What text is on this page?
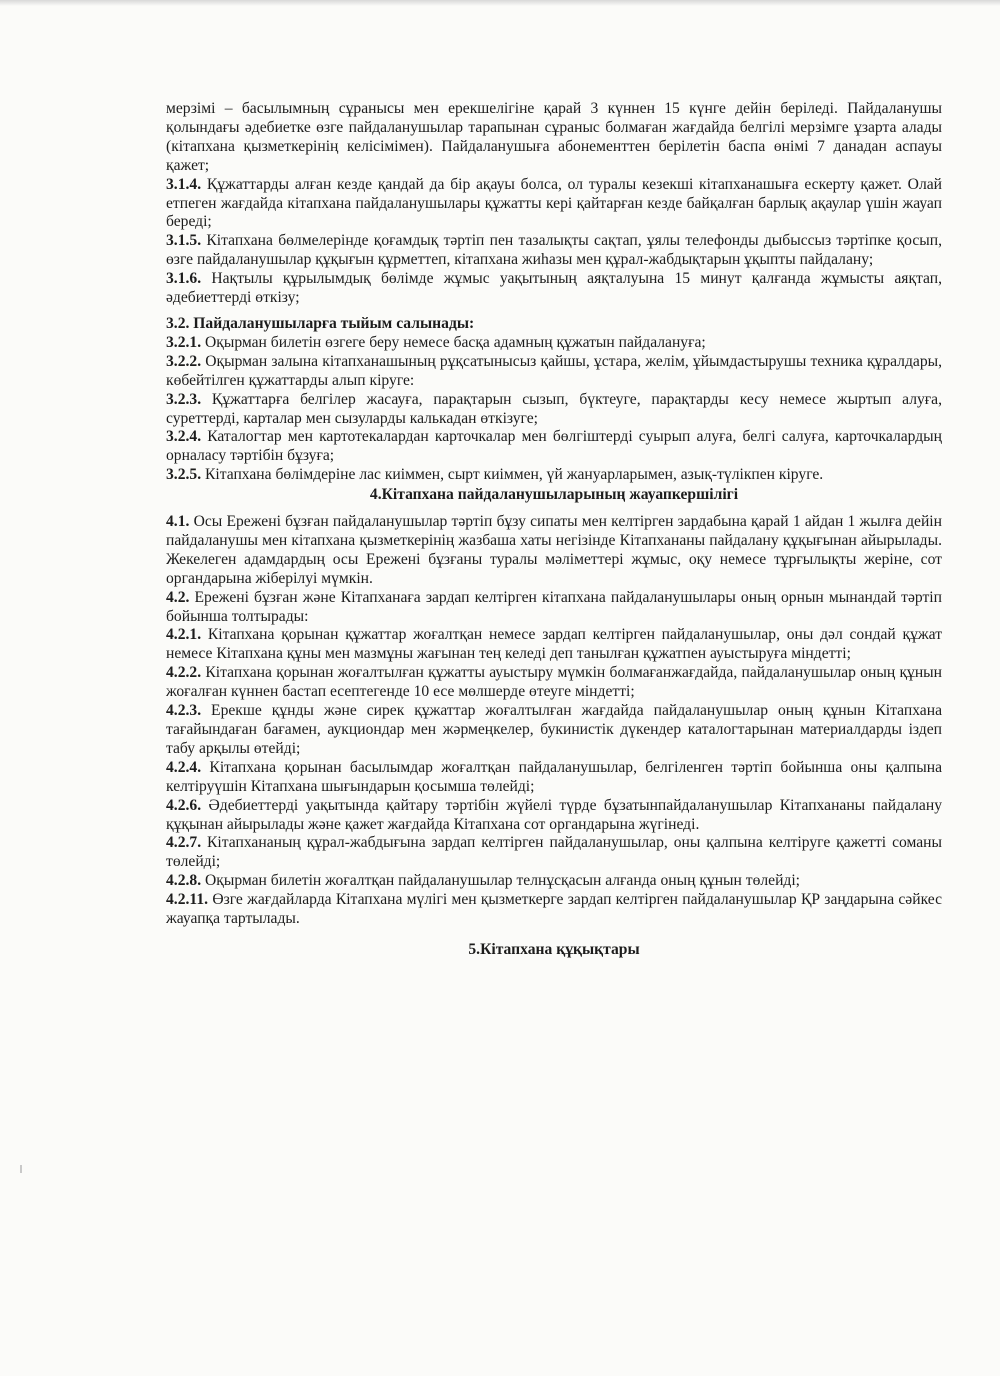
мерзімі – басылымның сұранысы мен ерекшелігіне қарай 3 күннен 15 күнге дейін беріледі. Пайдаланушы қолындағы әдебиетке өзге пайдаланушылар тарапынан сұраныс болмаған жағдайда белгілі мерзімге ұзарта алады (кітапхана қызметкерінің келісімімен). Пайдаланушыға абонементтен берілетін баспа өнімі 7 данадан аспауы қажет;

3.1.4. Құжаттарды алған кезде қандай да бір ақауы болса, ол туралы кезекші кітапханашыға ескерту қажет. Олай етпеген жағдайда кітапхана пайдаланушылары құжатты кері қайтарған кезде байқалған барлық ақаулар үшін жауап береді;

3.1.5. Кітапхана бөлмелерінде қоғамдық тәртіп пен тазалықты сақтап, ұялы телефонды дыбыссыз тәртіпке қосып, өзге пайдаланушылар құқығын құрметтеп, кітапхана жиһазы мен құрал-жабдықтарын ұқыпты пайдалану;

3.1.6. Нақтылы құрылымдық бөлімде жұмыс уақытының аяқталуына 15 минут қалғанда жұмысты аяқтап, әдебиеттерді өткізу;

3.2. Пайдаланушыларға тыйым салынады:

3.2.1. Оқырман билетін өзгеге беру немесе басқа адамның құжатын пайдалануға;

3.2.2. Оқырман залына кітапханашының рұқсатынысыз қайшы, ұстара, желім, ұйымдастырушы техника құралдары, көбейтілген құжаттарды алып кіруге:

3.2.3. Құжаттарға белгілер жасауға, парақтарын сызып, бүктеуге, парақтарды кесу немесе жыртып алуға, суреттерді, карталар мен сызуларды калькадан өткізуге;

3.2.4. Каталогтар мен картотекалардан карточкалар мен бөлгіштерді суырып алуға, белгі салуға, карточкалардың орналасу тәртібін бұзуға;

3.2.5. Кітапхана бөлімдеріне лас киіммен, сырт киіммен, үй жануарларымен, азық-түлікпен кіруге.

4.Кітапхана пайдаланушыларының жауапкершілігі

4.1. Осы Ережені бұзған пайдаланушылар тәртіп бұзу сипаты мен келтірген зардабына қарай 1 айдан 1 жылға дейін пайдаланушы мен кітапхана қызметкерінің жазбаша хаты негізінде Кітапхананы пайдалану құқығынан айырылады. Жекелеген адамдардың осы Ережені бұзғаны туралы мәліметтері жұмыс, оқу немесе тұрғылықты жеріне, сот органдарына жіберілуі мүмкін.

4.2. Ережені бұзған және Кітапханаға зардап келтірген кітапхана пайдаланушылары оның орнын мынандай тәртіп бойынша толтырады:

4.2.1. Кітапхана қорынан құжаттар жоғалтқан немесе зардап келтірген пайдаланушылар, оны дәл сондай құжат немесе Кітапхана құны мен мазмұны жағынан тең келеді деп танылған құжатпен ауыстыруға міндетті;

4.2.2. Кітапхана қорынан жоғалтылған құжатты ауыстыру мүмкін болмағанжағдайда, пайдаланушылар оның құнын жоғалған күннен бастап есептегенде 10 есе мөлшерде өтеуге міндетті;

4.2.3. Ерекше құнды және сирек құжаттар жоғалтылған жағдайда пайдаланушылар оның құнын Кітапхана тағайындаған бағамен, аукциондар мен жәрмеңкелер, букинистік дүкендер каталогтарынан материалдарды іздеп табу арқылы өтейді;

4.2.4. Кітапхана қорынан басылымдар жоғалтқан пайдаланушылар, белгіленген тәртіп бойынша оны қалпына келтіруүшін Кітапхана шығындарын қосымша төлейді;

4.2.6. Әдебиеттерді уақытында қайтару тәртібін жүйелі түрде бұзатынпайдаланушылар Кітапхананы пайдалану құқынан айырылады және қажет жағдайда Кітапхана сот органдарына жүгінеді.

4.2.7. Кітапхананың құрал-жабдығына зардап келтірген пайдаланушылар, оны қалпына келтіруге қажетті соманы төлейді;

4.2.8. Оқырман билетін жоғалтқан пайдаланушылар телнұсқасын алғанда оның құнын төлейді;

4.2.11. Өзге жағдайларда Кітапхана мүлігі мен қызметкерге зардап келтірген пайдаланушылар ҚР заңдарына сәйкес жауапқа тартылады.

5.Кітапхана құқықтары
